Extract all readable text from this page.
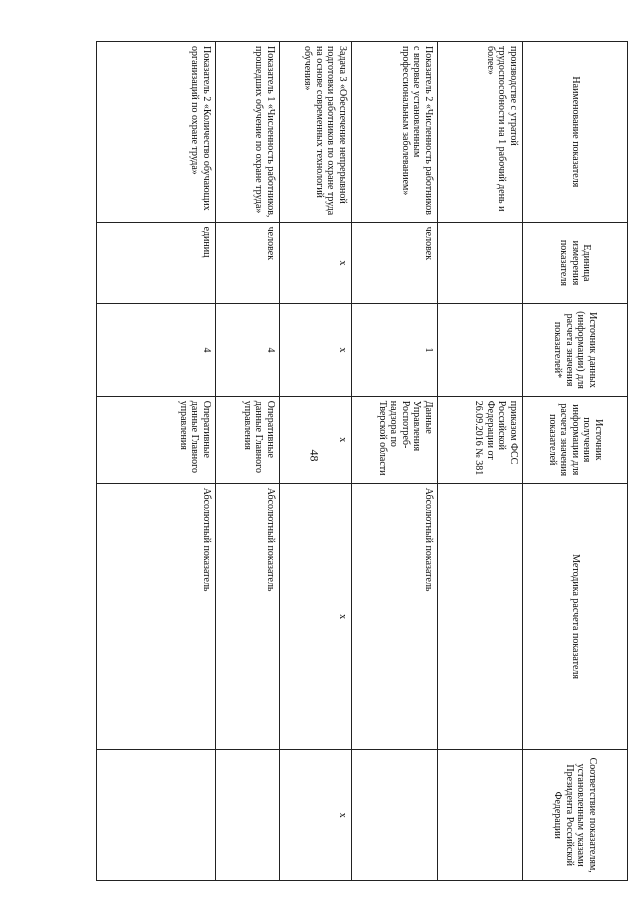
48
Наименование показателя	Единица измерения показателя	Источник данных (информации) для расчета значения показателей*	Источник получения информации для расчета значения показателей	Методика расчета показателя	Соответствие показателям, установленным указами Президента Российской Федерации
производстве с утратой трудоспособности на 1 рабочий день и более»			приказом ФСС Российской Федерации от 26.09.2016 № 381		
Показатель 2 «Численность работников с впервые установленным профессиональным заболеванием»	человек	1	Данные Управления Роспотреб-надзора по Тверской области	Абсолютный показатель	
Задача 3 «Обеспечение непрерывной подготовки работников по охране труда на основе современных технологий обучения»	х	х	х	х	х
Показатель 1 «Численность работников, прошедших обучение по охране труда»	человек	4	Оперативные данные Главного управления	Абсолютный показатель	
Показатель 2 «Количество обучающих организаций по охране труда»	единиц	4	Оперативные данные Главного управления	Абсолютный показатель	
